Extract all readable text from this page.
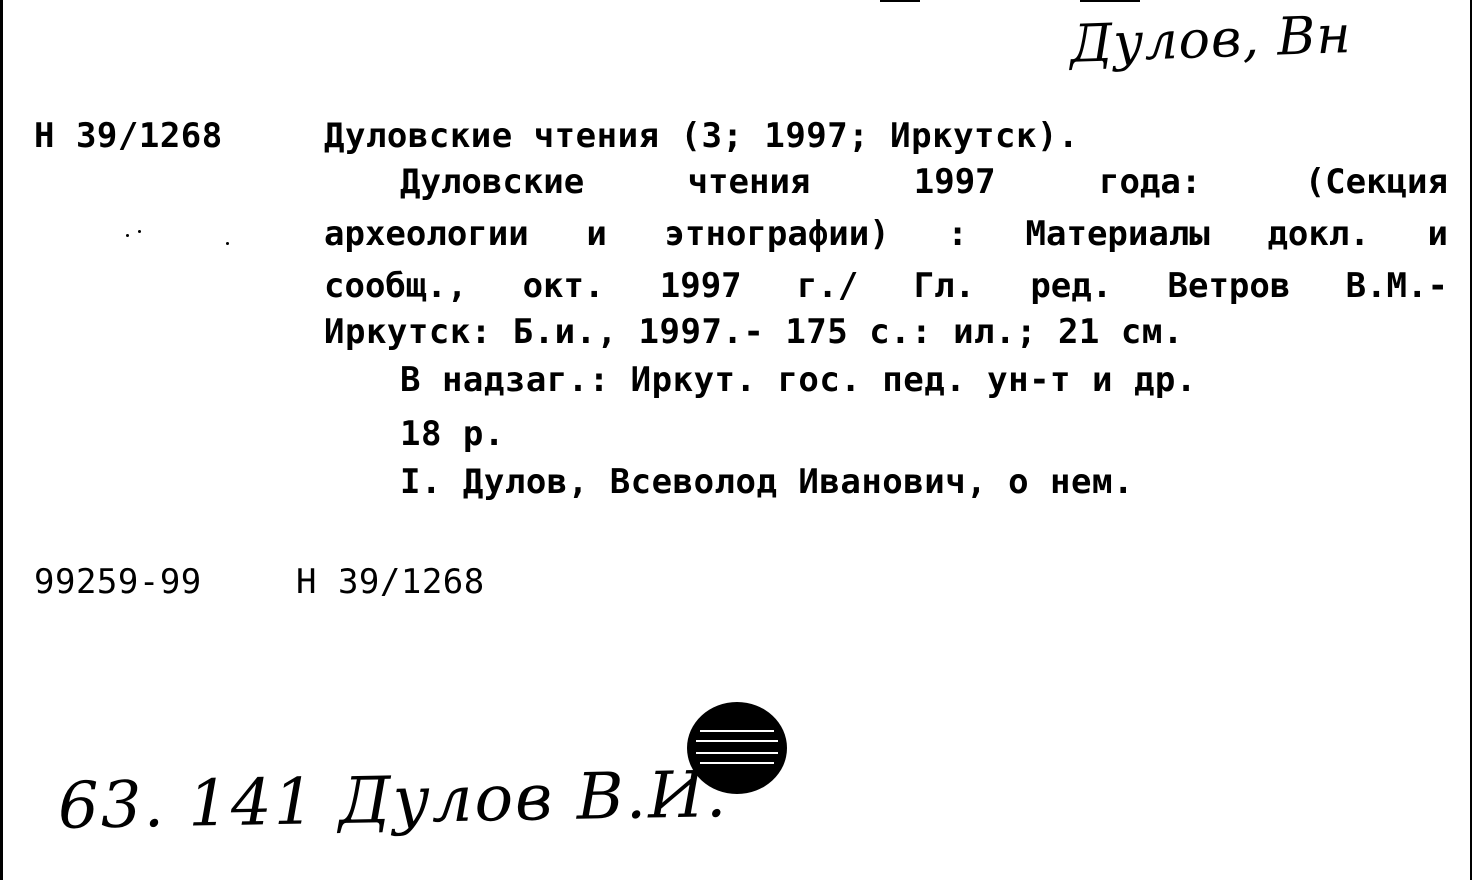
Дулов, Вн
Н 39/1268	Дуловские чтения (3; 1997; Иркутск).
Дуловские	чтения	1997	года:	(Секция
археологии и этнографии) : Материалы докл. и
сообщ., окт. 1997 г./ Гл. ред. Ветров В.М.-
Иркутск: Б.и., 1997.- 175 с.: ил.; 21 см.
В надзаг.: Иркут. гос. пед. ун-т и др.
18 р.
I. Дулов, Всеволод Иванович, о нем.
99259-99	Н 39/1268
63. 141 Дулов В.И.
